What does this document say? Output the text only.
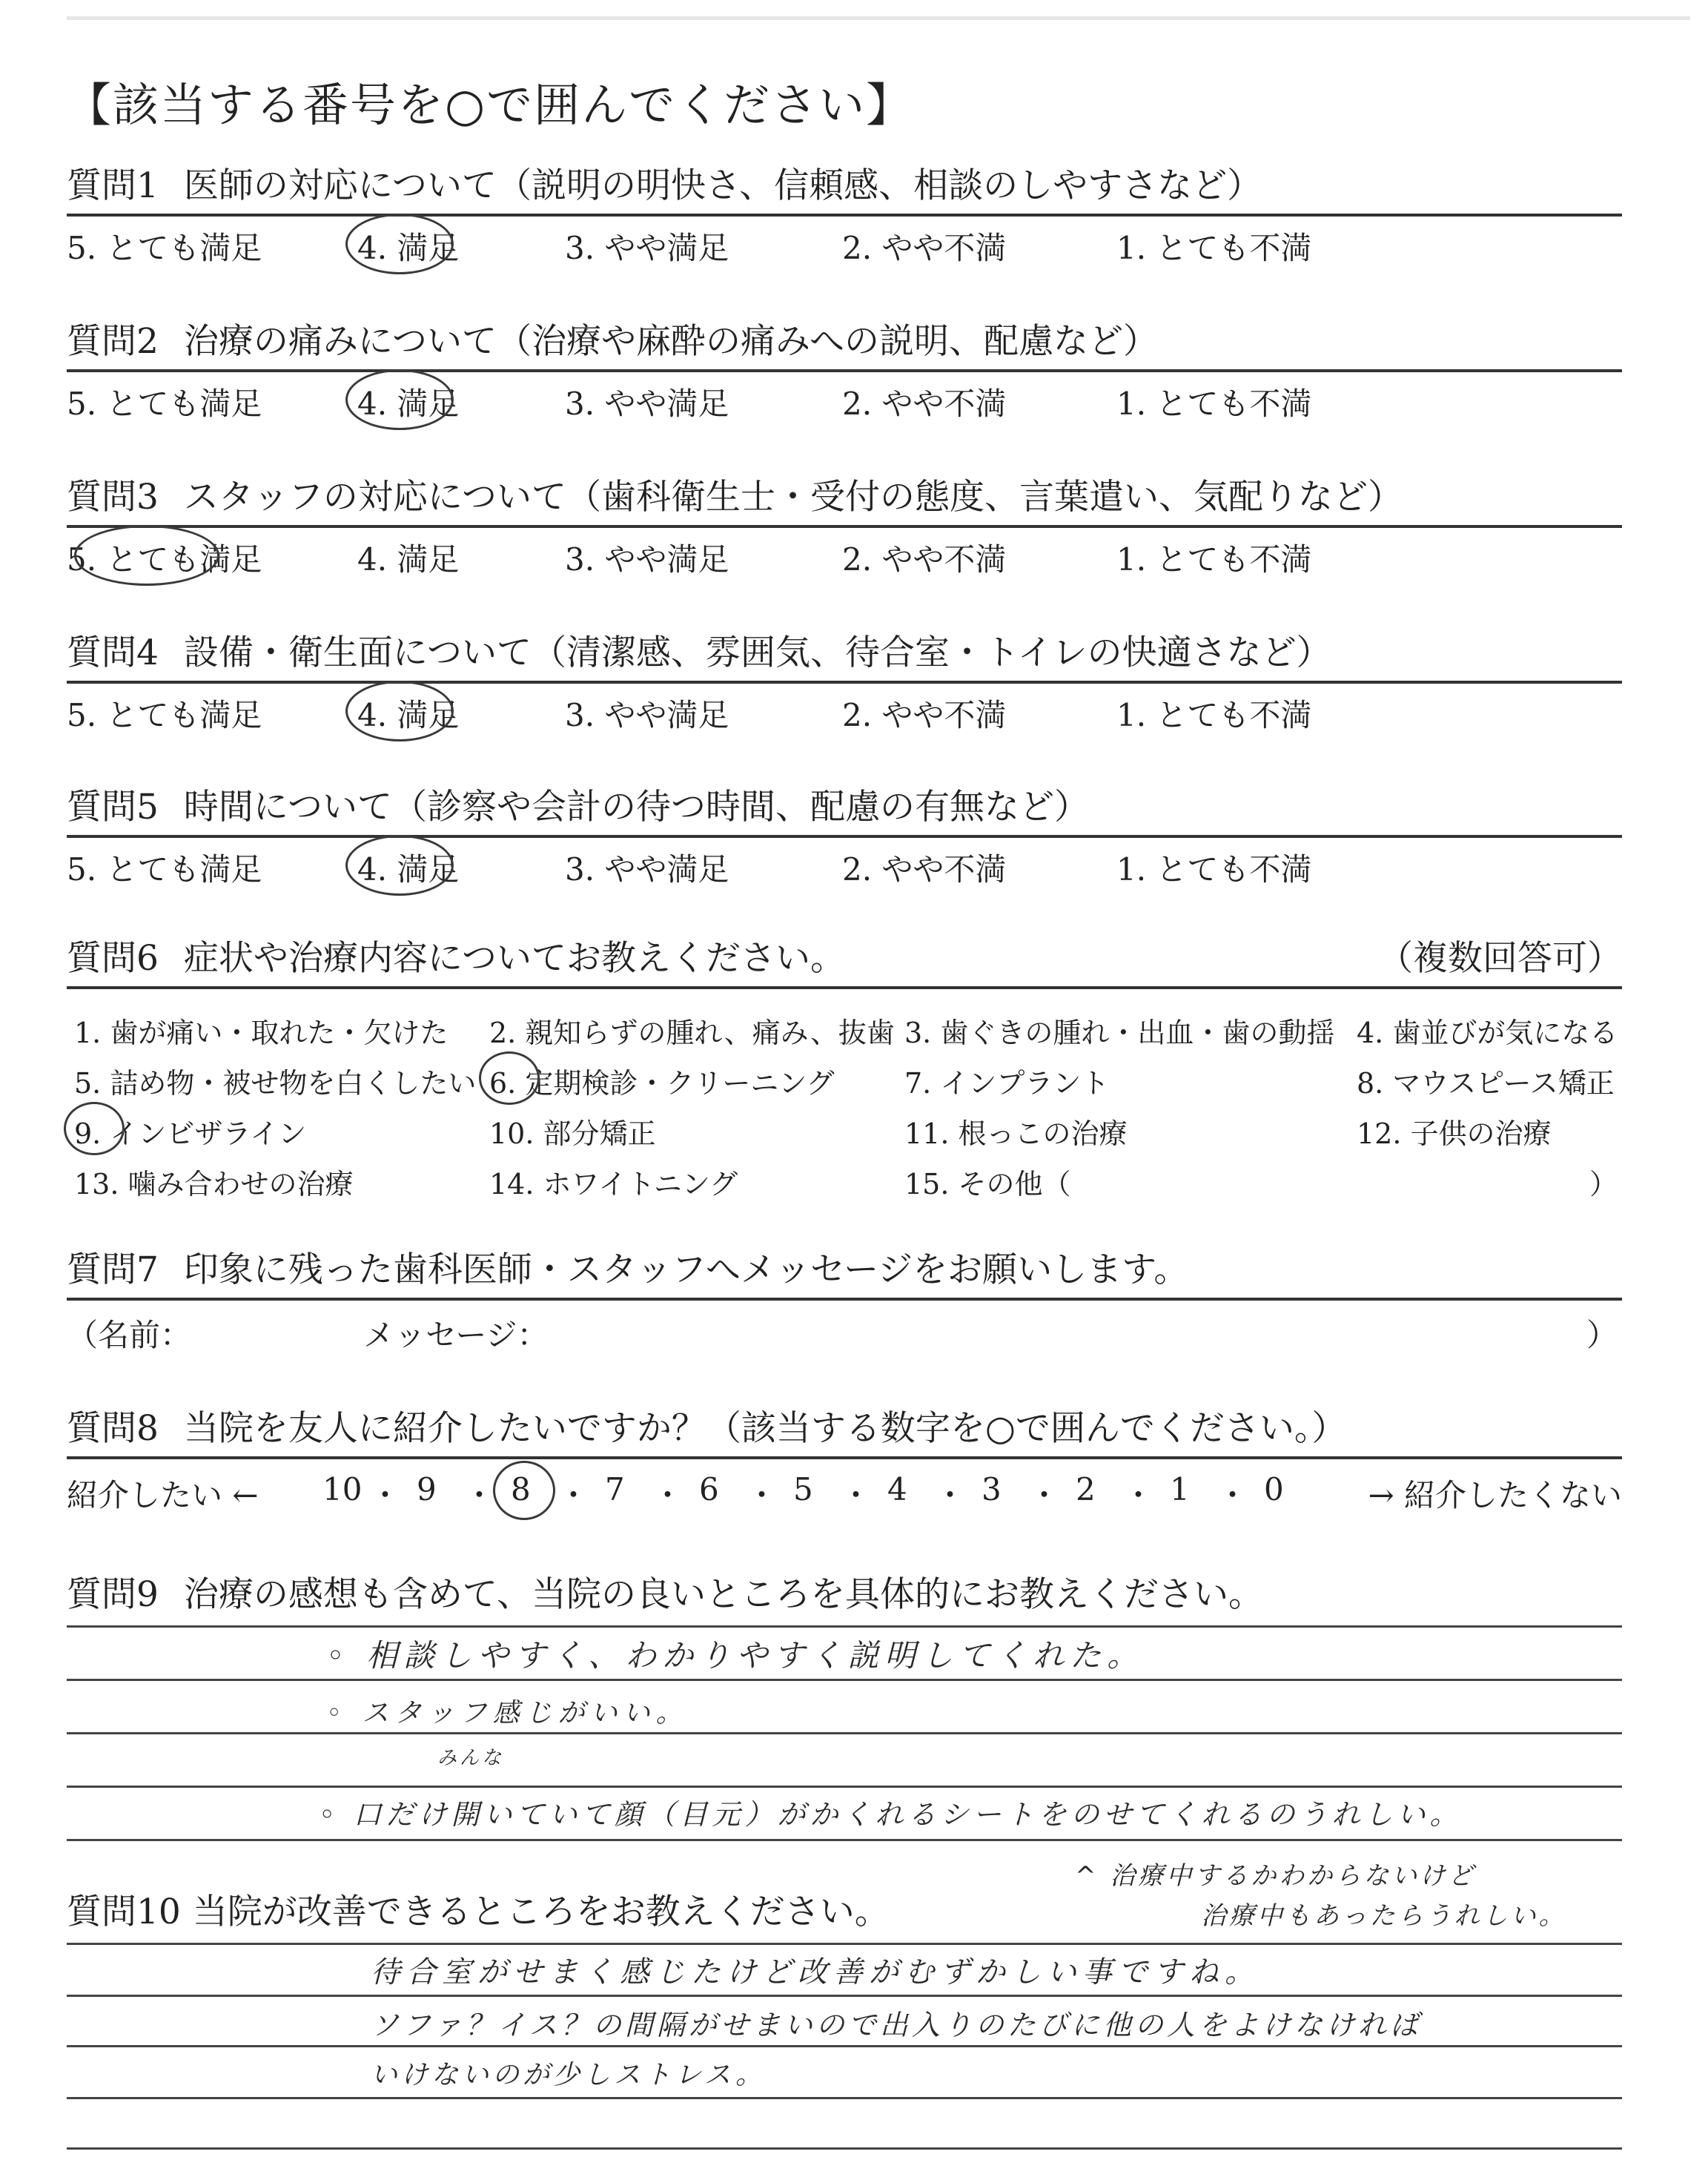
【該当する番号を○で囲んでください】
質問1 医師の対応について（説明の明快さ、信頼感、相談のしやすさなど）
5. とても満足	4. 満足	3. やや満足	2. やや不満	1. とても不満
質問2 治療の痛みについて（治療や麻酔の痛みへの説明、配慮など）
5. とても満足	4. 満足	3. やや満足	2. やや不満	1. とても不満
質問3 スタッフの対応について（歯科衛生士・受付の態度、言葉遣い、気配りなど）
5. とても満足	4. 満足	3. やや満足	2. やや不満	1. とても不満
質問4 設備・衛生面について（清潔感、雰囲気、待合室・トイレの快適さなど）
5. とても満足	4. 満足	3. やや満足	2. やや不満	1. とても不満
質問5 時間について（診察や会計の待つ時間、配慮の有無など）
5. とても満足	4. 満足	3. やや満足	2. やや不満	1. とても不満
質問6 症状や治療内容についてお教えください。	（複数回答可）
1. 歯が痛い・取れた・欠けた 2. 親知らずの腫れ、痛み、抜歯 3. 歯ぐきの腫れ・出血・歯の動揺 4. 歯並びが気になる
5. 詰め物・被せ物を白くしたい 6. 定期検診・クリーニング 7. インプラント	8. マウスピース矯正
9. インビザライン	10. 部分矯正	11. 根っこの治療	12. 子供の治療
13. 噛み合わせの治療	14. ホワイトニング	15. その他（	）
質問7 印象に残った歯科医師・スタッフへメッセージをお願いします。
（名前：	メッセージ：	）
質問8 当院を友人に紹介したいですか？（該当する数字を○で囲んでください。）
紹介したい ←	→ 紹介したくない
10 ・ 9 ・ 8 ・ 7 ・ 6 ・ 5 ・ 4 ・ 3 ・ 2 ・ 1 ・ 0
質問9 治療の感想も含めて、当院の良いところを具体的にお教えください。
◦ 相談しやすく、わかりやすく説明してくれた。
◦ スタッフ感じがいい。
みんな
◦ 口だけ開いていて顔（目元）がかくれるシートをのせてくれるのうれしい。
質問10 当院が改善できるところをお教えください。
^ 治療中するかわからないけど
治療中もあったらうれしい。
待合室がせまく感じたけど改善がむずかしい事ですね。
ソファ？イス？の間隔がせまいので出入りのたびに他の人をよけなければ
いけないのが少しストレス。
